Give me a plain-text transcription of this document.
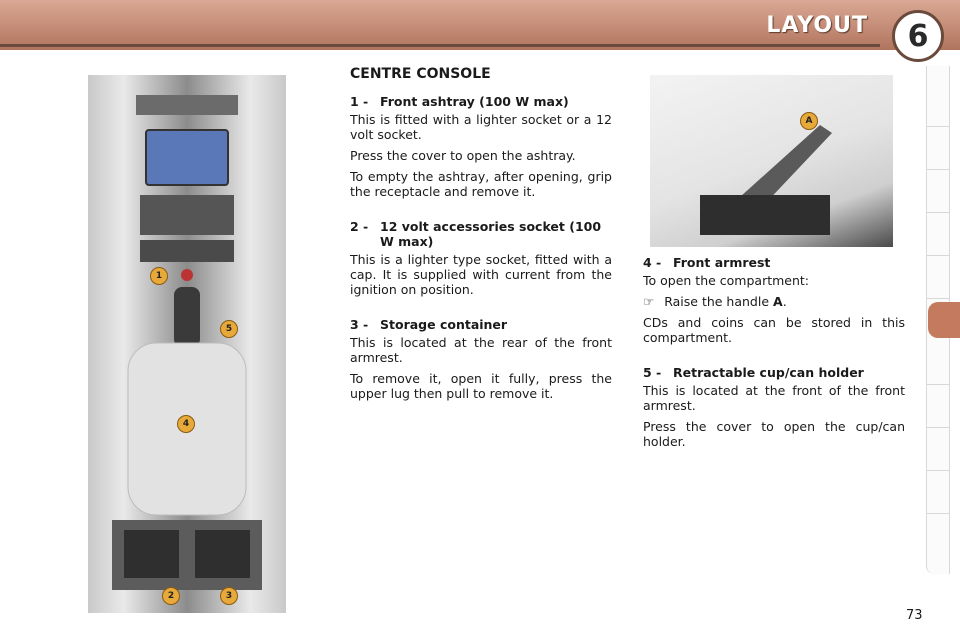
LAYOUT	6
1
5
4
2	3
A
CENTRE CONSOLE
1 - Front ashtray (100 W max)

This is fitted with a lighter socket or a 12 volt socket.

Press the cover to open the ashtray.

To empty the ashtray, after opening, grip the receptacle and remove it.

2 - 12 volt accessories socket (100 W max)

This is a lighter type socket, fitted with a cap. It is supplied with current from the ignition on position.

3 - Storage container

This is located at the rear of the front armrest.

To remove it, open it fully, press the upper lug then pull to remove it.

4 - Front armrest

To open the compartment:

☞ Raise the handle A.

CDs and coins can be stored in this compartment.

5 - Retractable cup/can holder

This is located at the front of the front armrest.

Press the cover to open the cup/can holder.

73
